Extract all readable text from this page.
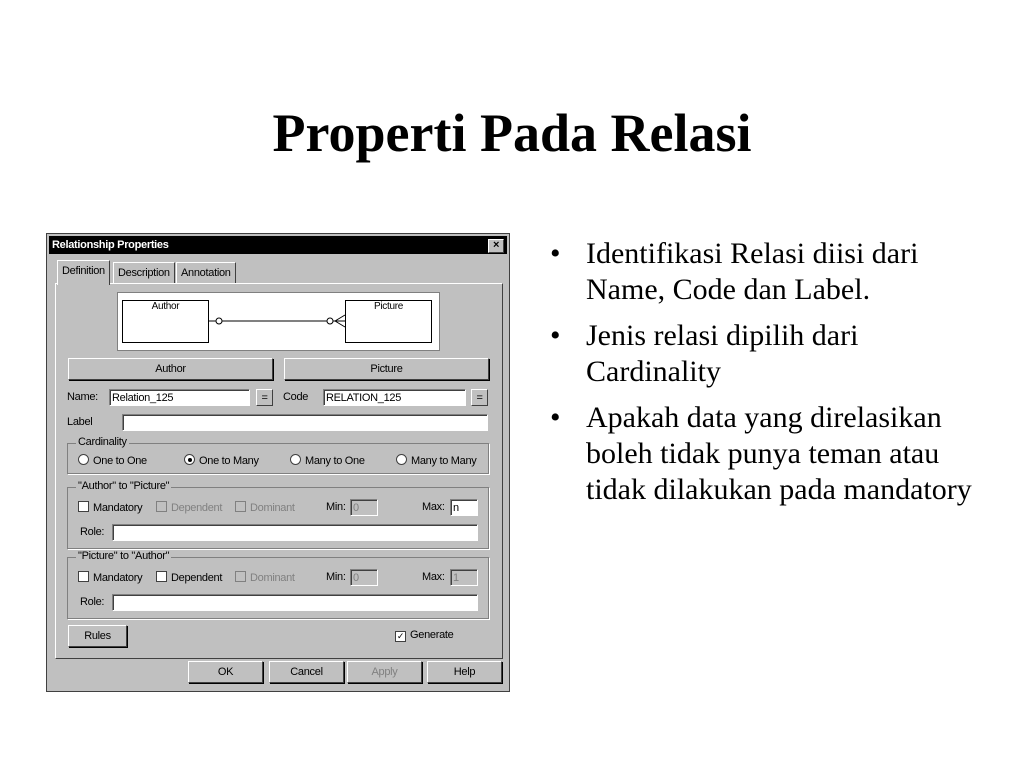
Properti Pada Relasi
• Identifikasi Relasi diisi dari Name, Code dan Label.
• Jenis relasi dipilih dari Cardinality
• Apakah data yang direlasikan boleh tidak punya teman atau tidak dilakukan pada mandatory
Relationship Properties	×
Definition	Description	Annotation
Author	Picture
Author	Picture
Name: Relation_125	=	Code RELATION_125	=
Label
Cardinality
One to One	One to Many	Many to One	Many to Many
"Author" to "Picture"
Mandatory	Dependent	Dominant	Min: 0	Max: n
Role:
"Picture" to "Author"
Mandatory	Dependent	Dominant	Min: 0	Max: 1
Role:
Rules	✓ Generate
OK	Cancel	Apply	Help
